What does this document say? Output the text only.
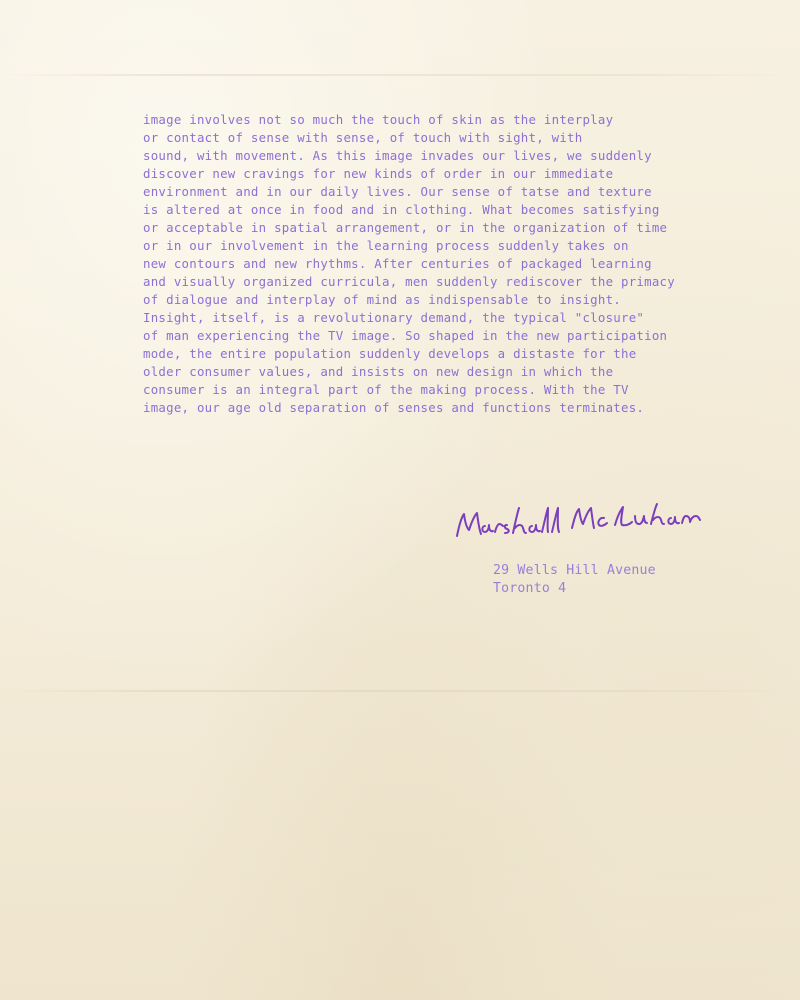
image involves not so much the touch of skin as the interplay
or contact of sense with sense, of touch with sight, with
sound, with movement. As this image invades our lives, we suddenly
discover new cravings for new kinds of order in our immediate
environment and in our daily lives. Our sense of tatse and texture
is altered at once in food and in clothing. What becomes satisfying
or acceptable in spatial arrangement, or in the organization of time
or in our involvement in the learning process suddenly takes on
new contours and new rhythms. After centuries of packaged learning
and visually organized curricula, men suddenly rediscover the primacy
of dialogue and interplay of mind as indispensable to insight.
Insight, itself, is a revolutionary demand, the typical "closure"
of man experiencing the TV image. So shaped in the new participation
mode, the entire population suddenly develops a distaste for the
older consumer values, and insists on new design in which the
consumer is an integral part of the making process. With the TV
image, our age old separation of senses and functions terminates.
29 Wells Hill Avenue
Toronto 4
